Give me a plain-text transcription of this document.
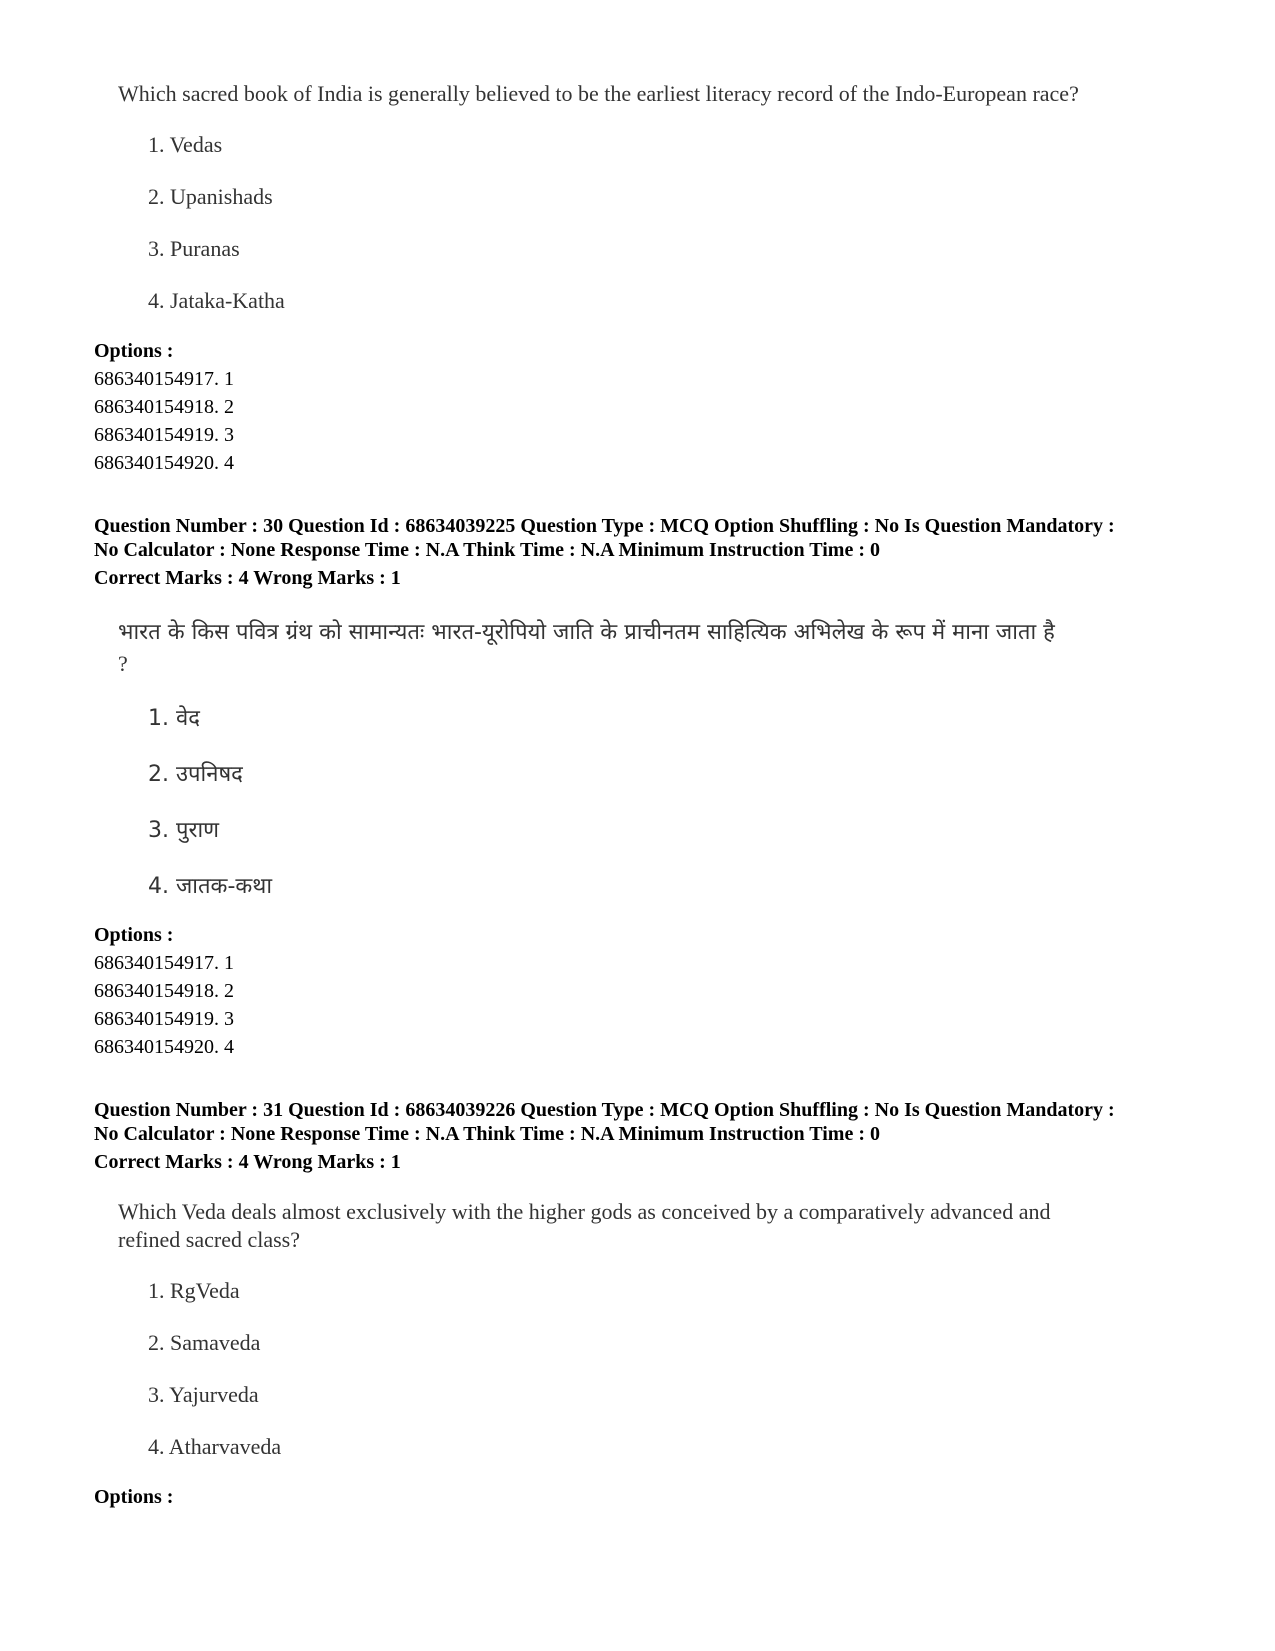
Which sacred book of India is generally believed to be the earliest literacy record of the Indo-European race?
1. Vedas
2. Upanishads
3. Puranas
4. Jataka-Katha
Options :
686340154917. 1
686340154918. 2
686340154919. 3
686340154920. 4
Question Number : 30 Question Id : 68634039225 Question Type : MCQ Option Shuffling : No Is Question Mandatory :
No Calculator : None Response Time : N.A Think Time : N.A Minimum Instruction Time : 0
Correct Marks : 4 Wrong Marks : 1
भारत के किस पवित्र ग्रंथ को सामान्यतः भारत-यूरोपियो जाति के प्राचीनतम साहित्यिक अभिलेख के रूप में माना जाता है
?
1. वेद
2. उपनिषद
3. पुराण
4. जातक-कथा
Options :
686340154917. 1
686340154918. 2
686340154919. 3
686340154920. 4
Question Number : 31 Question Id : 68634039226 Question Type : MCQ Option Shuffling : No Is Question Mandatory :
No Calculator : None Response Time : N.A Think Time : N.A Minimum Instruction Time : 0
Correct Marks : 4 Wrong Marks : 1
Which Veda deals almost exclusively with the higher gods as conceived by a comparatively advanced and
refined sacred class?
1. RgVeda
2. Samaveda
3. Yajurveda
4. Atharvaveda
Options :
